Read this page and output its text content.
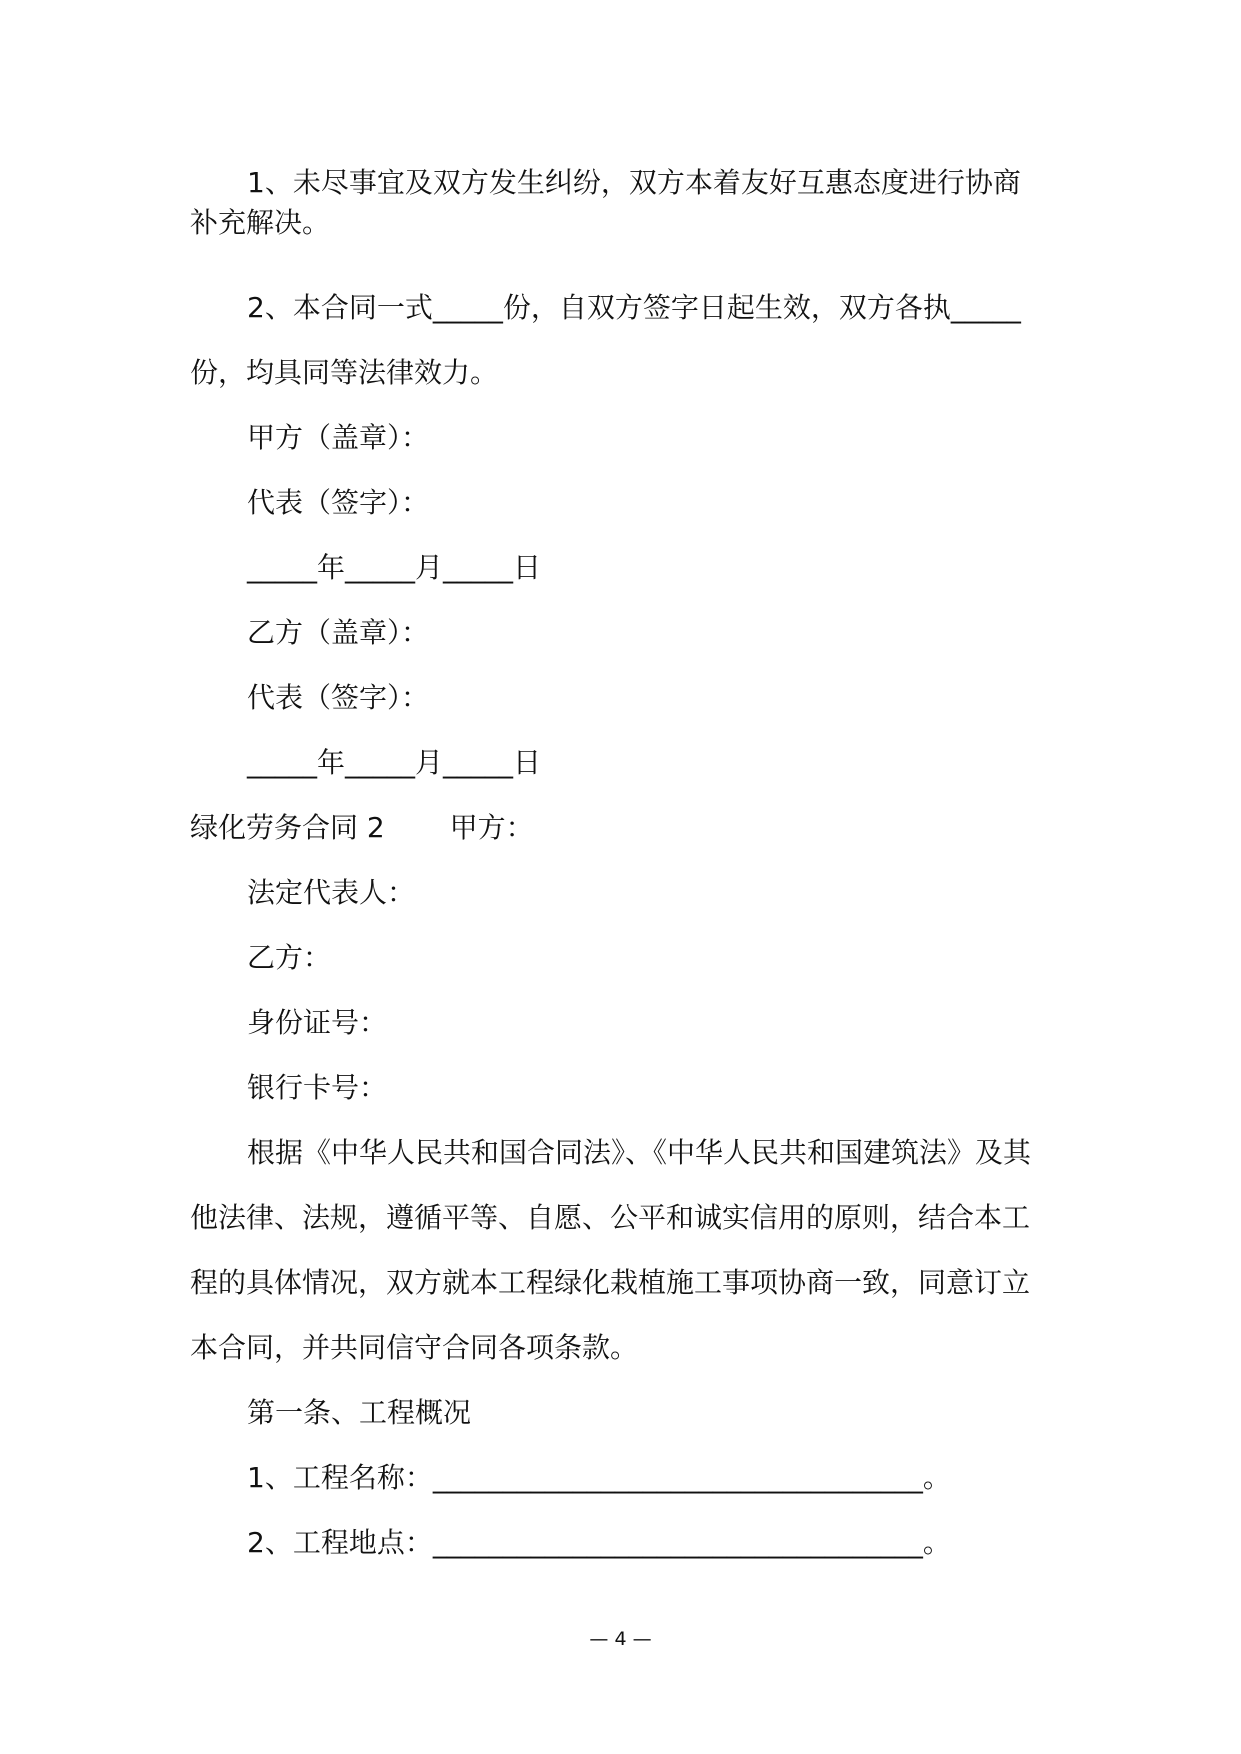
1、未尽事宜及双方发生纠纷，双方本着友好互惠态度进行协商
补充解决。
2、本合同一式_____份，自双方签字日起生效，双方各执_____
份，均具同等法律效力。
甲方（盖章）：
代表（签字）：
_____年_____月_____日
乙方（盖章）：
代表（签字）：
_____年_____月_____日
绿化劳务合同 2　　 甲方：
法定代表人：
乙方：
身份证号：
银行卡号：
根据《中华人民共和国合同法》、《中华人民共和国建筑法》及其
他法律、法规，遵循平等、自愿、公平和诚实信用的原则，结合本工
程的具体情况，双方就本工程绿化栽植施工事项协商一致，同意订立
本合同，并共同信守合同各项条款。
第一条、工程概况
1、工程名称：___________________________________。
2、工程地点：___________________________________。
— 4 —
